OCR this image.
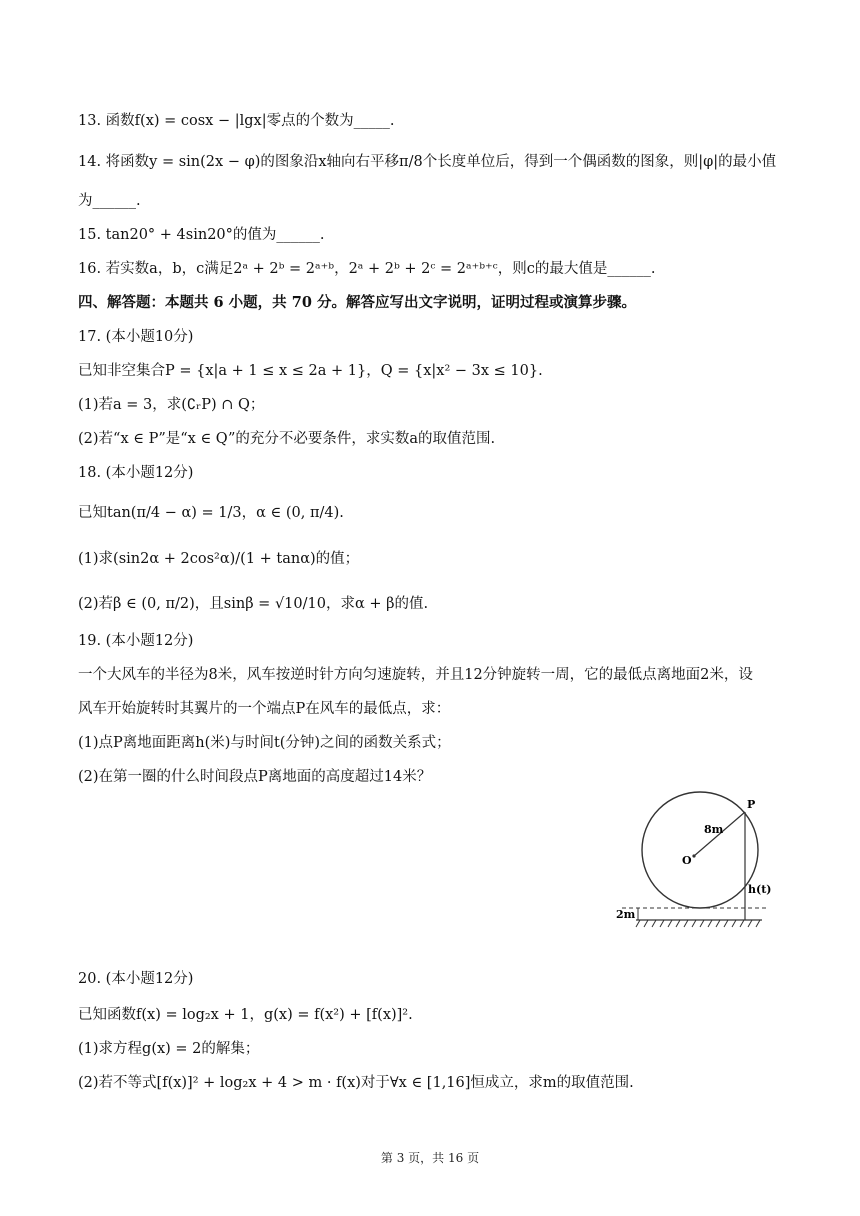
13. 函数f(x) = cosx − |lgx|零点的个数为_____.
14. 将函数y = sin(2x − φ)的图象沿x轴向右平移π/8个长度单位后，得到一个偶函数的图象，则|φ|的最小值
为______.
15. tan20° + 4sin20°的值为______.
16. 若实数a，b，c满足2ᵃ + 2ᵇ = 2ᵃ⁺ᵇ，2ᵃ + 2ᵇ + 2ᶜ = 2ᵃ⁺ᵇ⁺ᶜ，则c的最大值是______.
四、解答题：本题共 6 小题，共 70 分。解答应写出文字说明，证明过程或演算步骤。
17. (本小题10分)
已知非空集合P = {x|a + 1 ≤ x ≤ 2a + 1}，Q = {x|x² − 3x ≤ 10}.
(1)若a = 3，求(∁ᵣP) ∩ Q；
(2)若“x ∈ P”是“x ∈ Q”的充分不必要条件，求实数a的取值范围.
18. (本小题12分)
已知tan(π/4 − α) = 1/3，α ∈ (0, π/4).
(1)求(sin2α + 2cos²α)/(1 + tanα)的值；
(2)若β ∈ (0, π/2)，且sinβ = √10/10，求α + β的值.
19. (本小题12分)
一个大风车的半径为8米，风车按逆时针方向匀速旋转，并且12分钟旋转一周，它的最低点离地面2米，设
风车开始旋转时其翼片的一个端点P在风车的最低点，求：
(1)点P离地面距离h(米)与时间t(分钟)之间的函数关系式；
(2)在第一圈的什么时间段点P离地面的高度超过14米？
8m
O
P
h(t)
2m
20. (本小题12分)
已知函数f(x) = log₂x + 1，g(x) = f(x²) + [f(x)]².
(1)求方程g(x) = 2的解集；
(2)若不等式[f(x)]² + log₂x + 4 > m · f(x)对于∀x ∈ [1,16]恒成立，求m的取值范围.
第 3 页，共 16 页
